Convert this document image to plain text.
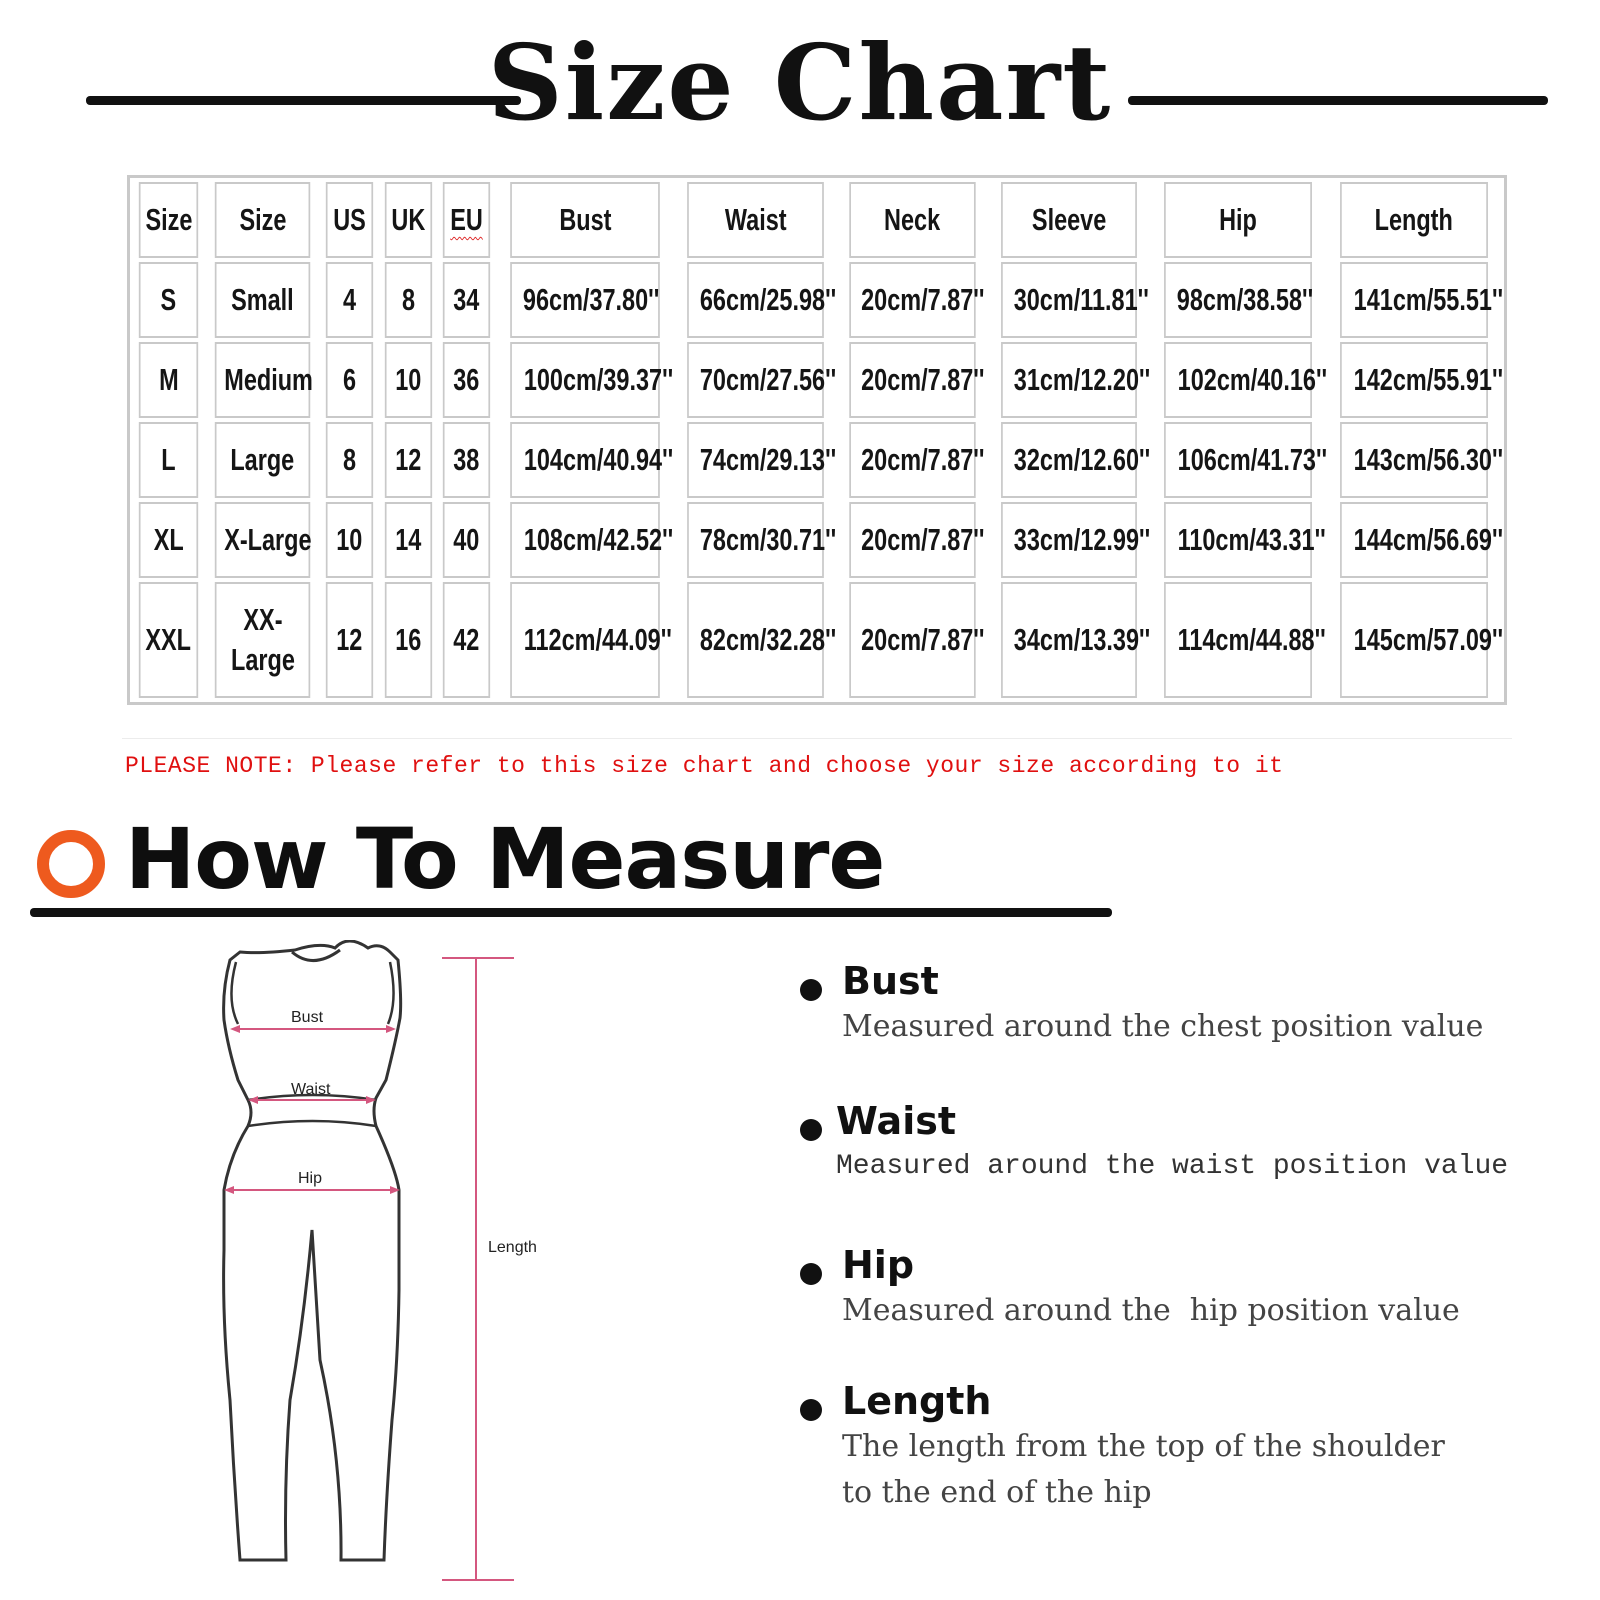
Size Chart
Size	Size	US	UK	EU	Bust	Waist	Neck	Sleeve	Hip	Length
S	Small	4	8	34	96cm/37.80''	66cm/25.98''	20cm/7.87''	30cm/11.81''	98cm/38.58''	141cm/55.51''
M	Medium	6	10	36	100cm/39.37''	70cm/27.56''	20cm/7.87''	31cm/12.20''	102cm/40.16''	142cm/55.91''
L	Large	8	12	38	104cm/40.94''	74cm/29.13''	20cm/7.87''	32cm/12.60''	106cm/41.73''	143cm/56.30''
XL	X-Large	10	14	40	108cm/42.52''	78cm/30.71''	20cm/7.87''	33cm/12.99''	110cm/43.31''	144cm/56.69''
XXL	XX-Large	12	16	42	112cm/44.09''	82cm/32.28''	20cm/7.87''	34cm/13.39''	114cm/44.88''	145cm/57.09''
PLEASE NOTE: Please refer to this size chart and choose your size according to it
How To Measure
Bust
Waist
Hip
Length
Bust
Measured around the chest position value
Waist
Measured around the waist position value
Hip
Measured around the  hip position value
Length
The length from the top of the shoulder to the end of the hip
